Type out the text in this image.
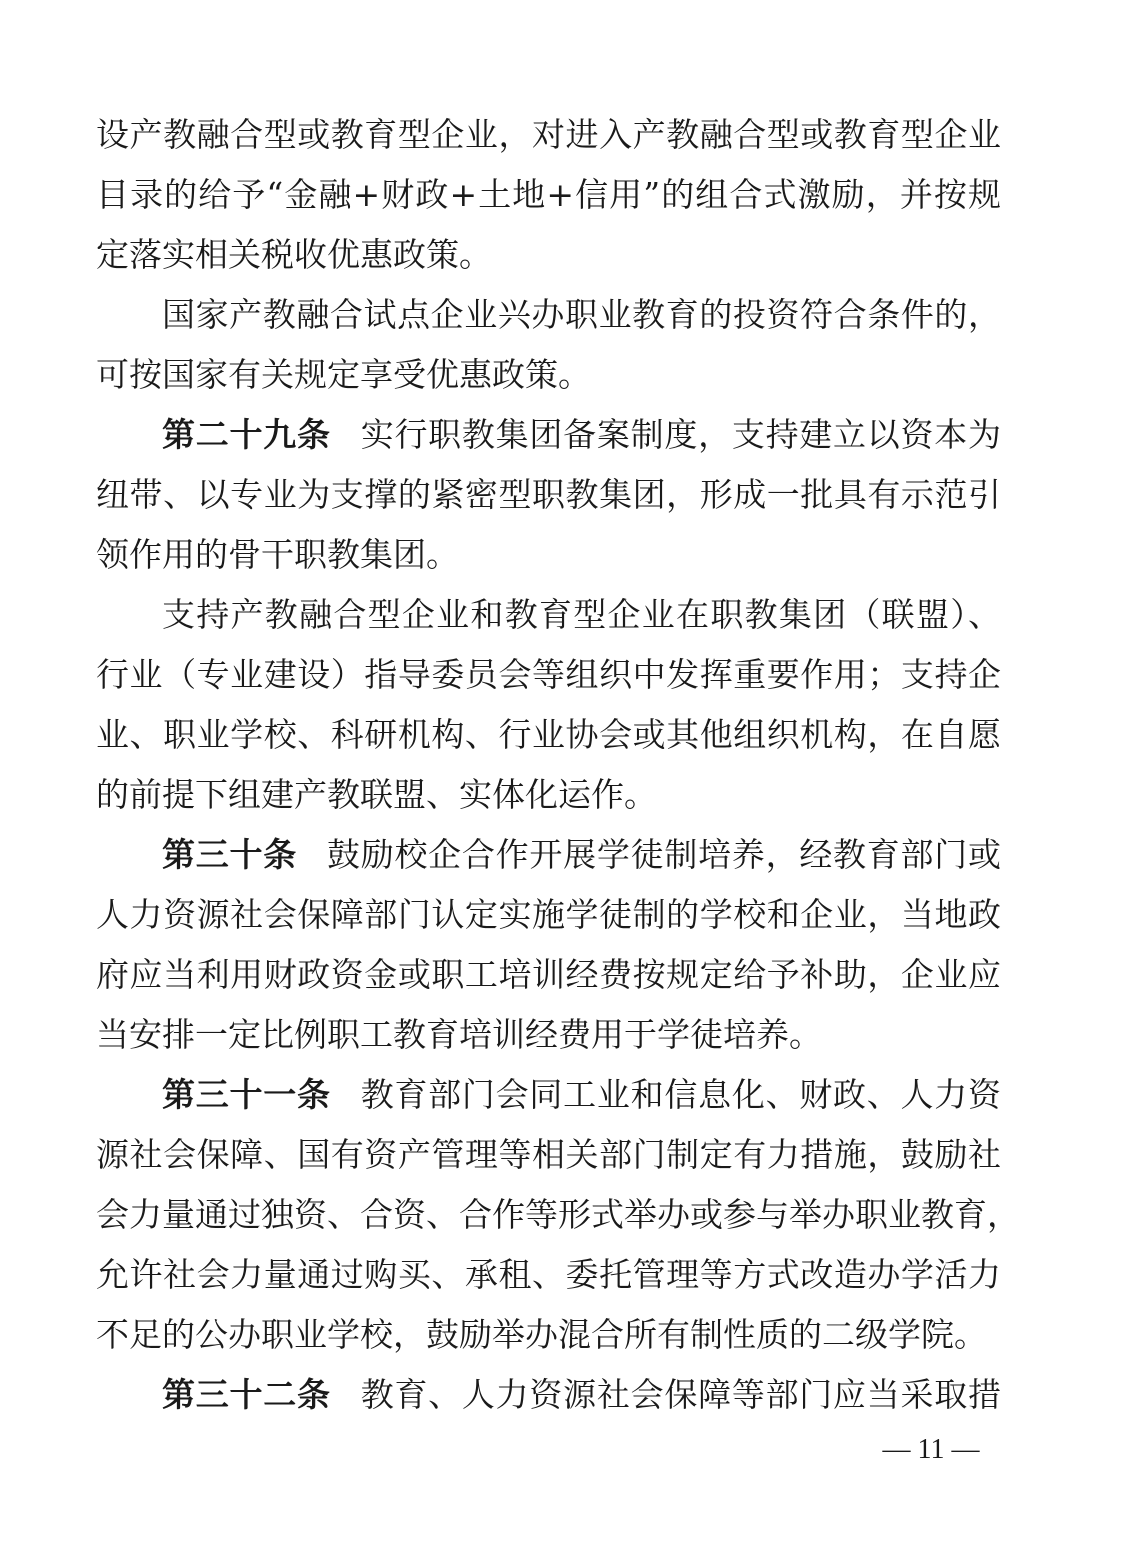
设产教融合型或教育型企业，对进入产教融合型或教育型企业
目录的给予“金融+财政+土地+信用”的组合式激励，并按规
定落实相关税收优惠政策。
国家产教融合试点企业兴办职业教育的投资符合条件的，
可按国家有关规定享受优惠政策。
第二十九条 实行职教集团备案制度，支持建立以资本为
纽带、以专业为支撑的紧密型职教集团，形成一批具有示范引
领作用的骨干职教集团。
支持产教融合型企业和教育型企业在职教集团（联盟）、
行业（专业建设）指导委员会等组织中发挥重要作用；支持企
业、职业学校、科研机构、行业协会或其他组织机构，在自愿
的前提下组建产教联盟、实体化运作。
第三十条 鼓励校企合作开展学徒制培养，经教育部门或
人力资源社会保障部门认定实施学徒制的学校和企业，当地政
府应当利用财政资金或职工培训经费按规定给予补助，企业应
当安排一定比例职工教育培训经费用于学徒培养。
第三十一条 教育部门会同工业和信息化、财政、人力资
源社会保障、国有资产管理等相关部门制定有力措施，鼓励社
会力量通过独资、合资、合作等形式举办或参与举办职业教育，
允许社会力量通过购买、承租、委托管理等方式改造办学活力
不足的公办职业学校，鼓励举办混合所有制性质的二级学院。
第三十二条 教育、人力资源社会保障等部门应当采取措
— 11 —
